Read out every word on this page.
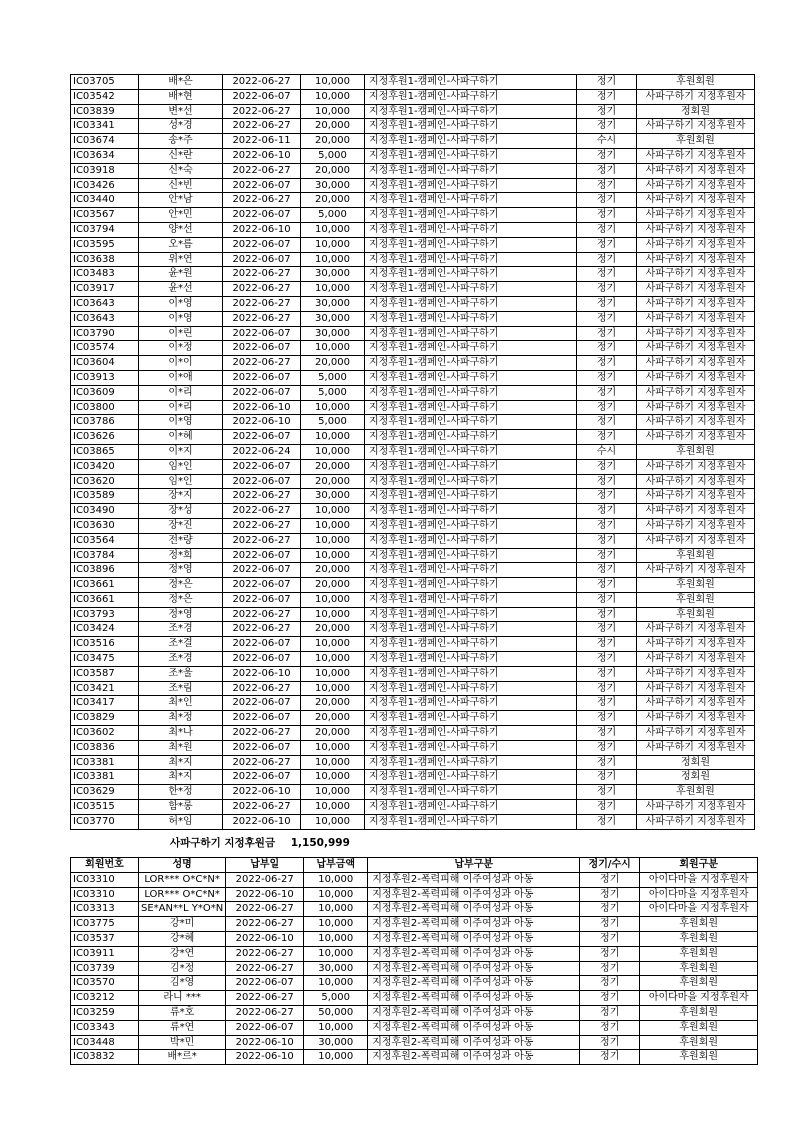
IC03705	배*은	2022-06-27	10,000	지정후원1-캠페인-사파구하기	정기	후원회원
IC03542	배*현	2022-06-07	10,000	지정후원1-캠페인-사파구하기	정기	사파구하기 지정후원자
IC03839	변*선	2022-06-27	10,000	지정후원1-캠페인-사파구하기	정기	정회원
IC03341	성*경	2022-06-27	20,000	지정후원1-캠페인-사파구하기	정기	사파구하기 지정후원자
IC03674	송*주	2022-06-11	20,000	지정후원1-캠페인-사파구하기	수시	후원회원
IC03634	신*란	2022-06-10	5,000	지정후원1-캠페인-사파구하기	정기	사파구하기 지정후원자
IC03918	신*숙	2022-06-27	20,000	지정후원1-캠페인-사파구하기	정기	사파구하기 지정후원자
IC03426	신*빈	2022-06-07	30,000	지정후원1-캠페인-사파구하기	정기	사파구하기 지정후원자
IC03440	안*남	2022-06-27	20,000	지정후원1-캠페인-사파구하기	정기	사파구하기 지정후원자
IC03567	안*민	2022-06-07	5,000	지정후원1-캠페인-사파구하기	정기	사파구하기 지정후원자
IC03794	양*선	2022-06-10	10,000	지정후원1-캠페인-사파구하기	정기	사파구하기 지정후원자
IC03595	오*름	2022-06-07	10,000	지정후원1-캠페인-사파구하기	정기	사파구하기 지정후원자
IC03638	위*연	2022-06-07	10,000	지정후원1-캠페인-사파구하기	정기	사파구하기 지정후원자
IC03483	윤*원	2022-06-27	30,000	지정후원1-캠페인-사파구하기	정기	사파구하기 지정후원자
IC03917	윤*선	2022-06-27	10,000	지정후원1-캠페인-사파구하기	정기	사파구하기 지정후원자
IC03643	이*영	2022-06-27	30,000	지정후원1-캠페인-사파구하기	정기	사파구하기 지정후원자
IC03643	이*영	2022-06-27	30,000	지정후원1-캠페인-사파구하기	정기	사파구하기 지정후원자
IC03790	이*린	2022-06-07	30,000	지정후원1-캠페인-사파구하기	정기	사파구하기 지정후원자
IC03574	이*정	2022-06-07	10,000	지정후원1-캠페인-사파구하기	정기	사파구하기 지정후원자
IC03604	이*이	2022-06-27	20,000	지정후원1-캠페인-사파구하기	정기	사파구하기 지정후원자
IC03913	이*애	2022-06-07	5,000	지정후원1-캠페인-사파구하기	정기	사파구하기 지정후원자
IC03609	이*리	2022-06-07	5,000	지정후원1-캠페인-사파구하기	정기	사파구하기 지정후원자
IC03800	이*리	2022-06-10	10,000	지정후원1-캠페인-사파구하기	정기	사파구하기 지정후원자
IC03786	이*영	2022-06-10	5,000	지정후원1-캠페인-사파구하기	정기	사파구하기 지정후원자
IC03626	이*혜	2022-06-07	10,000	지정후원1-캠페인-사파구하기	정기	사파구하기 지정후원자
IC03865	이*지	2022-06-24	10,000	지정후원1-캠페인-사파구하기	수시	후원회원
IC03420	임*인	2022-06-07	20,000	지정후원1-캠페인-사파구하기	정기	사파구하기 지정후원자
IC03620	임*인	2022-06-07	20,000	지정후원1-캠페인-사파구하기	정기	사파구하기 지정후원자
IC03589	장*지	2022-06-27	30,000	지정후원1-캠페인-사파구하기	정기	사파구하기 지정후원자
IC03490	장*성	2022-06-27	10,000	지정후원1-캠페인-사파구하기	정기	사파구하기 지정후원자
IC03630	장*진	2022-06-27	10,000	지정후원1-캠페인-사파구하기	정기	사파구하기 지정후원자
IC03564	전*량	2022-06-27	10,000	지정후원1-캠페인-사파구하기	정기	사파구하기 지정후원자
IC03784	정*희	2022-06-07	10,000	지정후원1-캠페인-사파구하기	정기	후원회원
IC03896	정*영	2022-06-07	20,000	지정후원1-캠페인-사파구하기	정기	사파구하기 지정후원자
IC03661	정*은	2022-06-07	20,000	지정후원1-캠페인-사파구하기	정기	후원회원
IC03661	정*은	2022-06-07	10,000	지정후원1-캠페인-사파구하기	정기	후원회원
IC03793	정*영	2022-06-27	10,000	지정후원1-캠페인-사파구하기	정기	후원회원
IC03424	조*경	2022-06-27	20,000	지정후원1-캠페인-사파구하기	정기	사파구하기 지정후원자
IC03516	조*결	2022-06-07	10,000	지정후원1-캠페인-사파구하기	정기	사파구하기 지정후원자
IC03475	조*경	2022-06-07	10,000	지정후원1-캠페인-사파구하기	정기	사파구하기 지정후원자
IC03587	조*울	2022-06-10	10,000	지정후원1-캠페인-사파구하기	정기	사파구하기 지정후원자
IC03421	조*림	2022-06-27	10,000	지정후원1-캠페인-사파구하기	정기	사파구하기 지정후원자
IC03417	최*인	2022-06-07	20,000	지정후원1-캠페인-사파구하기	정기	사파구하기 지정후원자
IC03829	최*정	2022-06-07	20,000	지정후원1-캠페인-사파구하기	정기	사파구하기 지정후원자
IC03602	최*나	2022-06-27	20,000	지정후원1-캠페인-사파구하기	정기	사파구하기 지정후원자
IC03836	최*원	2022-06-07	10,000	지정후원1-캠페인-사파구하기	정기	사파구하기 지정후원자
IC03381	최*지	2022-06-27	10,000	지정후원1-캠페인-사파구하기	정기	정회원
IC03381	최*지	2022-06-07	10,000	지정후원1-캠페인-사파구하기	정기	정회원
IC03629	한*정	2022-06-10	10,000	지정후원1-캠페인-사파구하기	정기	후원회원
IC03515	함*롱	2022-06-27	10,000	지정후원1-캠페인-사파구하기	정기	사파구하기 지정후원자
IC03770	허*임	2022-06-10	10,000	지정후원1-캠페인-사파구하기	정기	사파구하기 지정후원자
사파구하기 지정후원금 1,150,999
회원번호	성명	납부일	납부금액	납부구분	정기/수시	회원구분
IC03310	LOR*** O*C*N*	2022-06-27	10,000	지정후원2-폭력피해 이주여성과 아동	정기	아이다마을 지정후원자
IC03310	LOR*** O*C*N*	2022-06-10	10,000	지정후원2-폭력피해 이주여성과 아동	정기	아이다마을 지정후원자
IC03313	SE*AN**L Y*O*N	2022-06-27	10,000	지정후원2-폭력피해 이주여성과 아동	정기	아이다마을 지정후원자
IC03775	강*미	2022-06-27	10,000	지정후원2-폭력피해 이주여성과 아동	정기	후원회원
IC03537	강*혜	2022-06-10	10,000	지정후원2-폭력피해 이주여성과 아동	정기	후원회원
IC03911	강*연	2022-06-27	10,000	지정후원2-폭력피해 이주여성과 아동	정기	후원회원
IC03739	김*정	2022-06-27	30,000	지정후원2-폭력피해 이주여성과 아동	정기	후원회원
IC03570	김*영	2022-06-07	10,000	지정후원2-폭력피해 이주여성과 아동	정기	후원회원
IC03212	라니 ***	2022-06-27	5,000	지정후원2-폭력피해 이주여성과 아동	정기	아이다마을 지정후원자
IC03259	류*호	2022-06-27	50,000	지정후원2-폭력피해 이주여성과 아동	정기	후원회원
IC03343	류*연	2022-06-07	10,000	지정후원2-폭력피해 이주여성과 아동	정기	후원회원
IC03448	박*민	2022-06-10	30,000	지정후원2-폭력피해 이주여성과 아동	정기	후원회원
IC03832	배*르*	2022-06-10	10,000	지정후원2-폭력피해 이주여성과 아동	정기	후원회원
